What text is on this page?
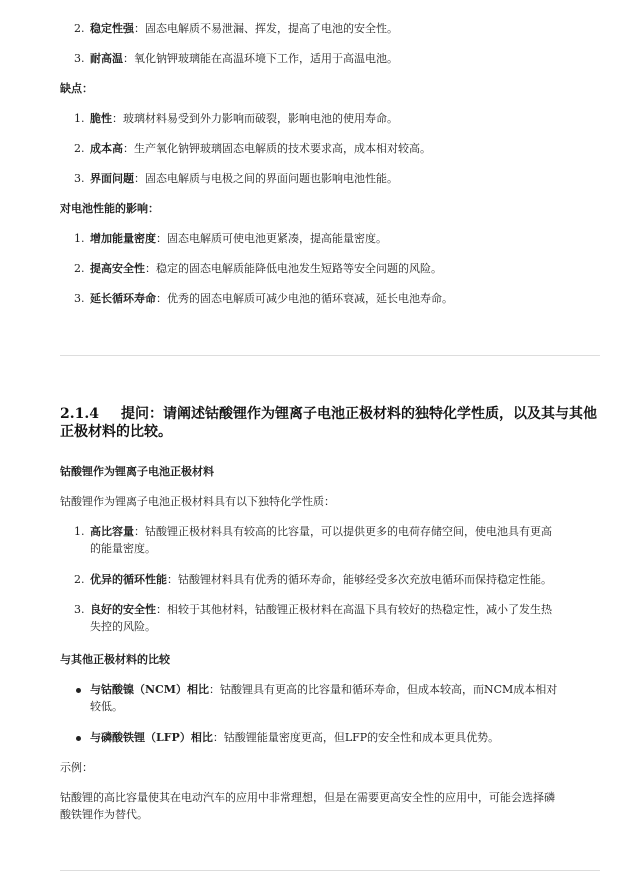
2. 稳定性强：固态电解质不易泄漏、挥发，提高了电池的安全性。
3. 耐高温：氧化钠钾玻璃能在高温环境下工作，适用于高温电池。

缺点：

1. 脆性：玻璃材料易受到外力影响而破裂，影响电池的使用寿命。
2. 成本高：生产氧化钠钾玻璃固态电解质的技术要求高，成本相对较高。
3. 界面问题：固态电解质与电极之间的界面问题也影响电池性能。

对电池性能的影响：

1. 增加能量密度：固态电解质可使电池更紧凑，提高能量密度。
2. 提高安全性：稳定的固态电解质能降低电池发生短路等安全问题的风险。
3. 延长循环寿命：优秀的固态电解质可减少电池的循环衰减，延长电池寿命。
2.1.4 提问：请阐述钴酸锂作为锂离子电池正极材料的独特化学性质，以及其与其他
正极材料的比较。

钴酸锂作为锂离子电池正极材料

钴酸锂作为锂离子电池正极材料具有以下独特化学性质：

1. 高比容量：钴酸锂正极材料具有较高的比容量，可以提供更多的电荷存储空间，使电池具有更高
的能量密度。
2. 优异的循环性能：钴酸锂材料具有优秀的循环寿命，能够经受多次充放电循环而保持稳定性能。
3. 良好的安全性：相较于其他材料，钴酸锂正极材料在高温下具有较好的热稳定性，减小了发生热
失控的风险。

与其他正极材料的比较

与钴酸镍（NCM）相比：钴酸锂具有更高的比容量和循环寿命，但成本较高，而NCM成本相对
较低。
与磷酸铁锂（LFP）相比：钴酸锂能量密度更高，但LFP的安全性和成本更具优势。

示例：

钴酸锂的高比容量使其在电动汽车的应用中非常理想，但是在需要更高安全性的应用中，可能会选择磷
酸铁锂作为替代。
